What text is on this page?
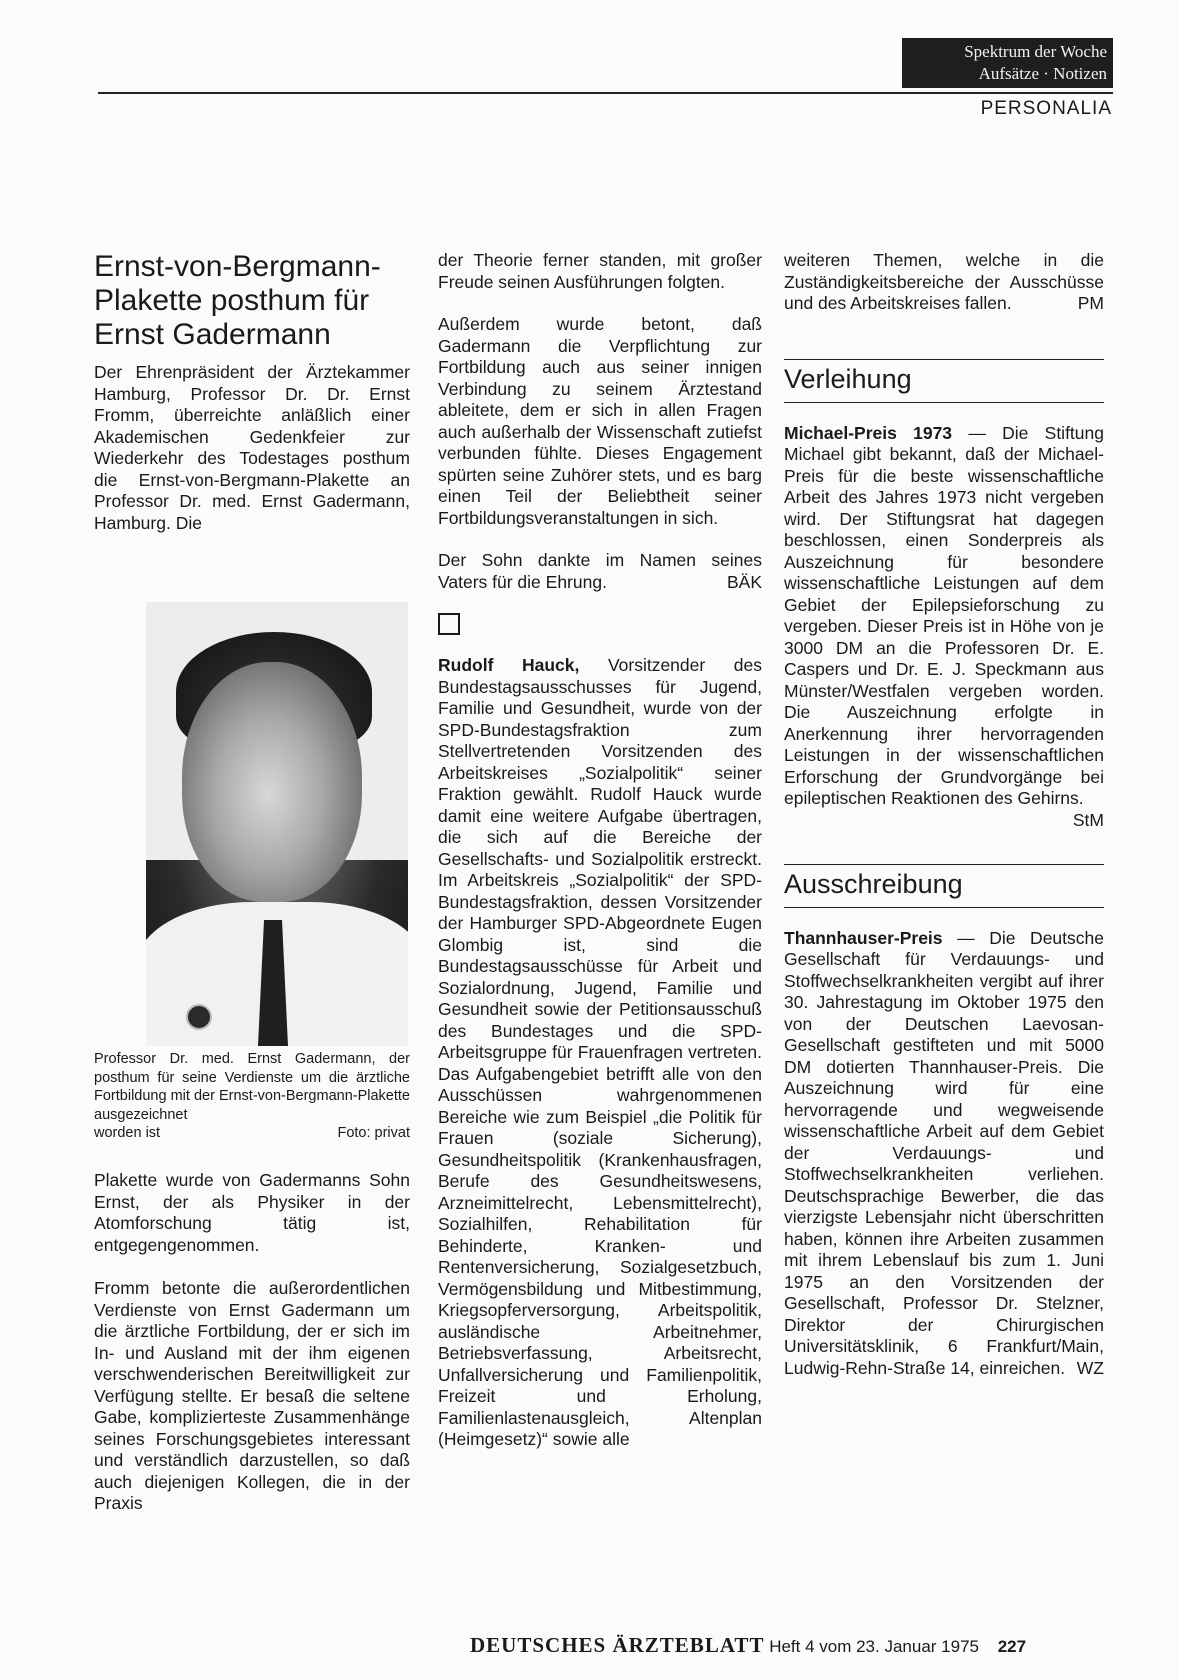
Spektrum der Woche
Aufsätze · Notizen
PERSONALIA
Ernst-von-Bergmann-Plakette posthum für Ernst Gadermann

Der Ehrenpräsident der Ärztekammer Hamburg, Professor Dr. Dr. Ernst Fromm, überreichte anläßlich einer Akademischen Gedenkfeier zur Wiederkehr des Todestages posthum die Ernst-von-Bergmann-Plakette an Professor Dr. med. Ernst Gadermann, Hamburg. Die

Professor Dr. med. Ernst Gadermann, der posthum für seine Verdienste um die ärztliche Fortbildung mit der Ernst-von-Bergmann-Plakette ausgezeichnet
worden ist	Foto: privat

Plakette wurde von Gadermanns Sohn Ernst, der als Physiker in der Atomforschung tätig ist, entgegengenommen.

Fromm betonte die außerordentlichen Verdienste von Ernst Gadermann um die ärztliche Fortbildung, der er sich im In- und Ausland mit der ihm eigenen verschwenderischen Bereitwilligkeit zur Verfügung stellte. Er besaß die seltene Gabe, komplizierteste Zusammenhänge seines Forschungsgebietes interessant und verständlich darzustellen, so daß auch diejenigen Kollegen, die in der Praxis

der Theorie ferner standen, mit großer Freude seinen Ausführungen folgten.

Außerdem wurde betont, daß Gadermann die Verpflichtung zur Fortbildung auch aus seiner innigen Verbindung zu seinem Ärztestand ableitete, dem er sich in allen Fragen auch außerhalb der Wissenschaft zutiefst verbunden fühlte. Dieses Engagement spürten seine Zuhörer stets, und es barg einen Teil der Beliebtheit seiner Fortbildungsveranstaltungen in sich.

Der Sohn dankte im Namen seines Vaters für die Ehrung.	BÄK

Rudolf Hauck, Vorsitzender des Bundestagsausschusses für Jugend, Familie und Gesundheit, wurde von der SPD-Bundestagsfraktion zum Stellvertretenden Vorsitzenden des Arbeitskreises „Sozialpolitik“ seiner Fraktion gewählt. Rudolf Hauck wurde damit eine weitere Aufgabe übertragen, die sich auf die Bereiche der Gesellschafts- und Sozialpolitik erstreckt. Im Arbeitskreis „Sozialpolitik“ der SPD-Bundestagsfraktion, dessen Vorsitzender der Hamburger SPD-Abgeordnete Eugen Glombig ist, sind die Bundestagsausschüsse für Arbeit und Sozialordnung, Jugend, Familie und Gesundheit sowie der Petitionsausschuß des Bundestages und die SPD-Arbeitsgruppe für Frauenfragen vertreten. Das Aufgabengebiet betrifft alle von den Ausschüssen wahrgenommenen Bereiche wie zum Beispiel „die Politik für Frauen (soziale Sicherung), Gesundheitspolitik (Krankenhausfragen, Berufe des Gesundheitswesens, Arzneimittelrecht, Lebensmittelrecht), Sozialhilfen, Rehabilitation für Behinderte, Kranken- und Rentenversicherung, Sozialgesetzbuch, Vermögensbildung und Mitbestimmung, Kriegsopferversorgung, Arbeitspolitik, ausländische Arbeitnehmer, Betriebsverfassung, Arbeitsrecht, Unfallversicherung und Familienpolitik, Freizeit und Erholung, Familienlastenausgleich, Altenplan (Heimgesetz)“ sowie alle

weiteren Themen, welche in die Zuständigkeitsbereiche der Ausschüsse und des Arbeitskreises fallen.	PM

Verleihung

Michael-Preis 1973 — Die Stiftung Michael gibt bekannt, daß der Michael-Preis für die beste wissenschaftliche Arbeit des Jahres 1973 nicht vergeben wird. Der Stiftungsrat hat dagegen beschlossen, einen Sonderpreis als Auszeichnung für besondere wissenschaftliche Leistungen auf dem Gebiet der Epilepsieforschung zu vergeben. Dieser Preis ist in Höhe von je 3000 DM an die Professoren Dr. E. Caspers und Dr. E. J. Speckmann aus Münster/Westfalen vergeben worden. Die Auszeichnung erfolgte in Anerkennung ihrer hervorragenden Leistungen in der wissenschaftlichen Erforschung der Grundvorgänge bei epileptischen Reaktionen des Gehirns.
StM

Ausschreibung

Thannhauser-Preis — Die Deutsche Gesellschaft für Verdauungs- und Stoffwechselkrankheiten vergibt auf ihrer 30. Jahrestagung im Oktober 1975 den von der Deutschen Laevosan-Gesellschaft gestifteten und mit 5000 DM dotierten Thannhauser-Preis. Die Auszeichnung wird für eine hervorragende und wegweisende wissenschaftliche Arbeit auf dem Gebiet der Verdauungs- und Stoffwechselkrankheiten verliehen. Deutschsprachige Bewerber, die das vierzigste Lebensjahr nicht überschritten haben, können ihre Arbeiten zusammen mit ihrem Lebenslauf bis zum 1. Juni 1975 an den Vorsitzenden der Gesellschaft, Professor Dr. Stelzner, Direktor der Chirurgischen Universitätsklinik, 6 Frankfurt/Main, Ludwig-Rehn-Straße 14, einreichen. WZ

DEUTSCHES ÄRZTEBLATT Heft 4 vom 23. Januar 1975 227
